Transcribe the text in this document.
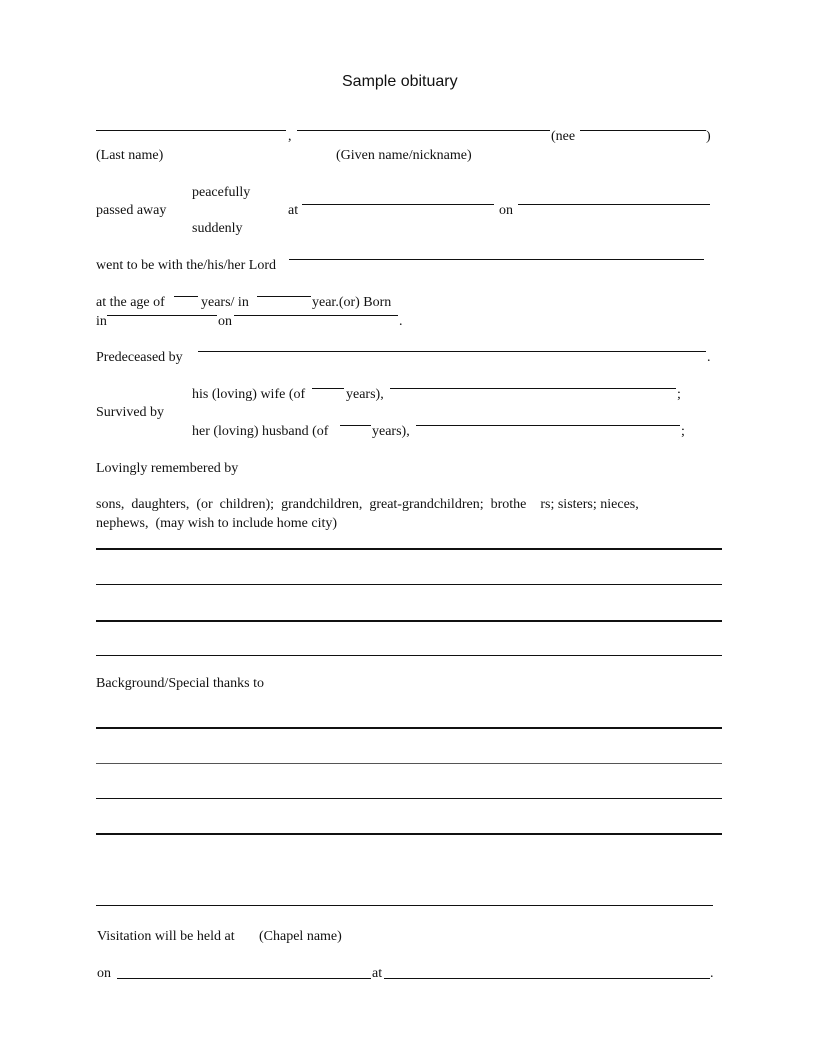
Sample obituary
,	(nee	)
(Last name)	(Given name/nickname)
peacefully
passed away	at	on
suddenly
went to be with the/his/her Lord
at the age of	years/ in	year.(or) Born
in	on	.
Predeceased by	.
his (loving) wife (of	years),	;
Survived by
her (loving) husband (of	years),	;
Lovingly remembered by
sons,  daughters,  (or  children);  grandchildren,  great-grandchildren;  brothe    rs; sisters; nieces,
nephews,  (may wish to include home city)
Background/Special thanks to
Visitation will be held at (Chapel name)
on	at	.
